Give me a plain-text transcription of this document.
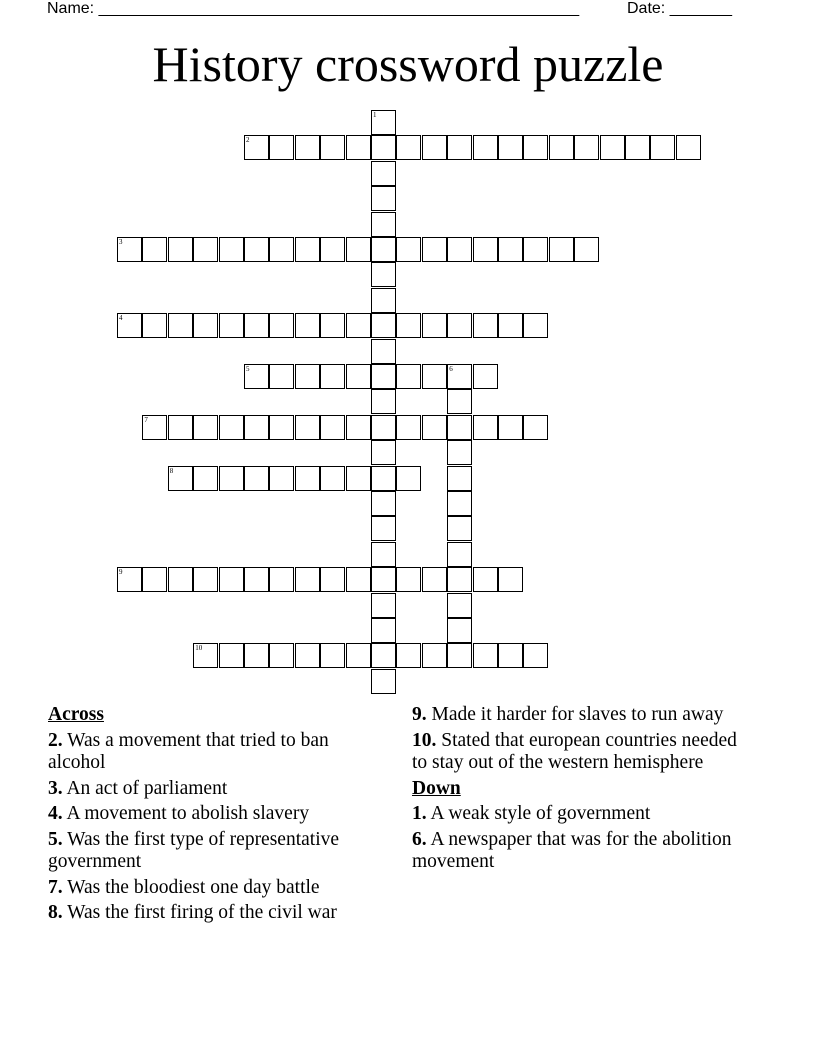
Name: ______________________________________________________	Date: _______
History crossword puzzle
1
2
3
4
5	6
7
8
9
10
Across
2. Was a movement that tried to ban alcohol
3. An act of parliament
4. A movement to abolish slavery
5. Was the first type of representative government
7. Was the bloodiest one day battle
8. Was the first firing of the civil war
9. Made it harder for slaves to run away
10. Stated that european countries needed to stay out of the western hemisphere
Down
1. A weak style of government
6. A newspaper that was for the abolition movement
